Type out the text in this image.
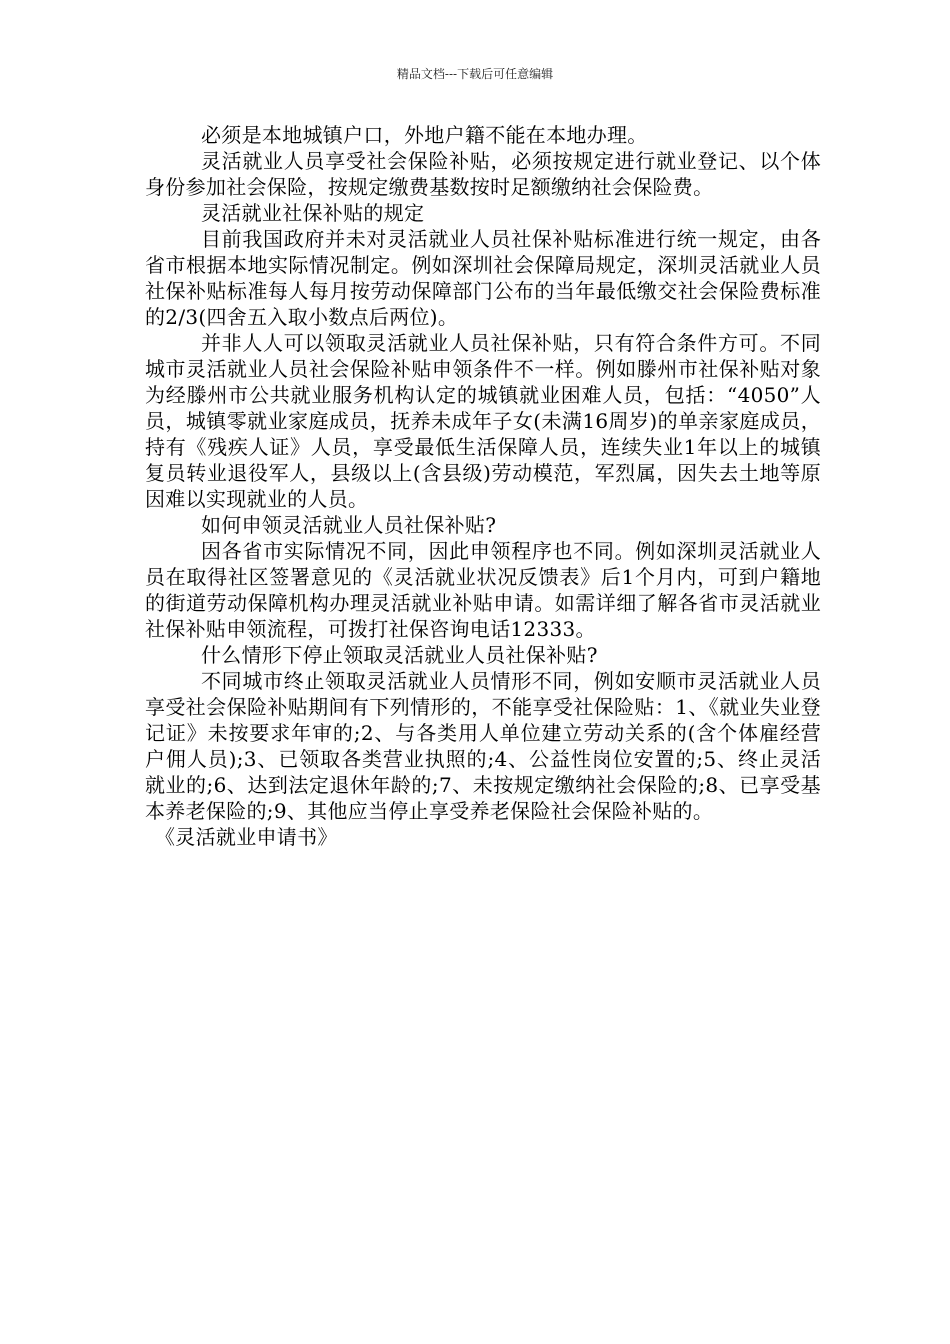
精品文档---下载后可任意编辑

必须是本地城镇户口，外地户籍不能在本地办理。

灵活就业人员享受社会保险补贴，必须按规定进行就业登记、以个体身份参加社会保险，按规定缴费基数按时足额缴纳社会保险费。

灵活就业社保补贴的规定

目前我国政府并未对灵活就业人员社保补贴标准进行统一规定，由各省市根据本地实际情况制定。例如深圳社会保障局规定，深圳灵活就业人员社保补贴标准每人每月按劳动保障部门公布的当年最低缴交社会保险费标准的2/3(四舍五入取小数点后两位)。

并非人人可以领取灵活就业人员社保补贴，只有符合条件方可。不同城市灵活就业人员社会保险补贴申领条件不一样。例如滕州市社保补贴对象为经滕州市公共就业服务机构认定的城镇就业困难人员，包括：“4050”人员，城镇零就业家庭成员，抚养未成年子女(未满16周岁)的单亲家庭成员，持有《残疾人证》人员，享受最低生活保障人员，连续失业1年以上的城镇复员转业退役军人，县级以上(含县级)劳动模范，军烈属，因失去土地等原因难以实现就业的人员。

如何申领灵活就业人员社保补贴?

因各省市实际情况不同，因此申领程序也不同。例如深圳灵活就业人员在取得社区签署意见的《灵活就业状况反馈表》后1个月内，可到户籍地的街道劳动保障机构办理灵活就业补贴申请。如需详细了解各省市灵活就业社保补贴申领流程，可拨打社保咨询电话12333。

什么情形下停止领取灵活就业人员社保补贴?

不同城市终止领取灵活就业人员情形不同，例如安顺市灵活就业人员享受社会保险补贴期间有下列情形的，不能享受社保险贴：1、《就业失业登记证》未按要求年审的;2、与各类用人单位建立劳动关系的(含个体雇经营户佣人员);3、已领取各类营业执照的;4、公益性岗位安置的;5、终止灵活就业的;6、达到法定退休年龄的;7、未按规定缴纳社会保险的;8、已享受基本养老保险的;9、其他应当停止享受养老保险社会保险补贴的。

《灵活就业申请书》
